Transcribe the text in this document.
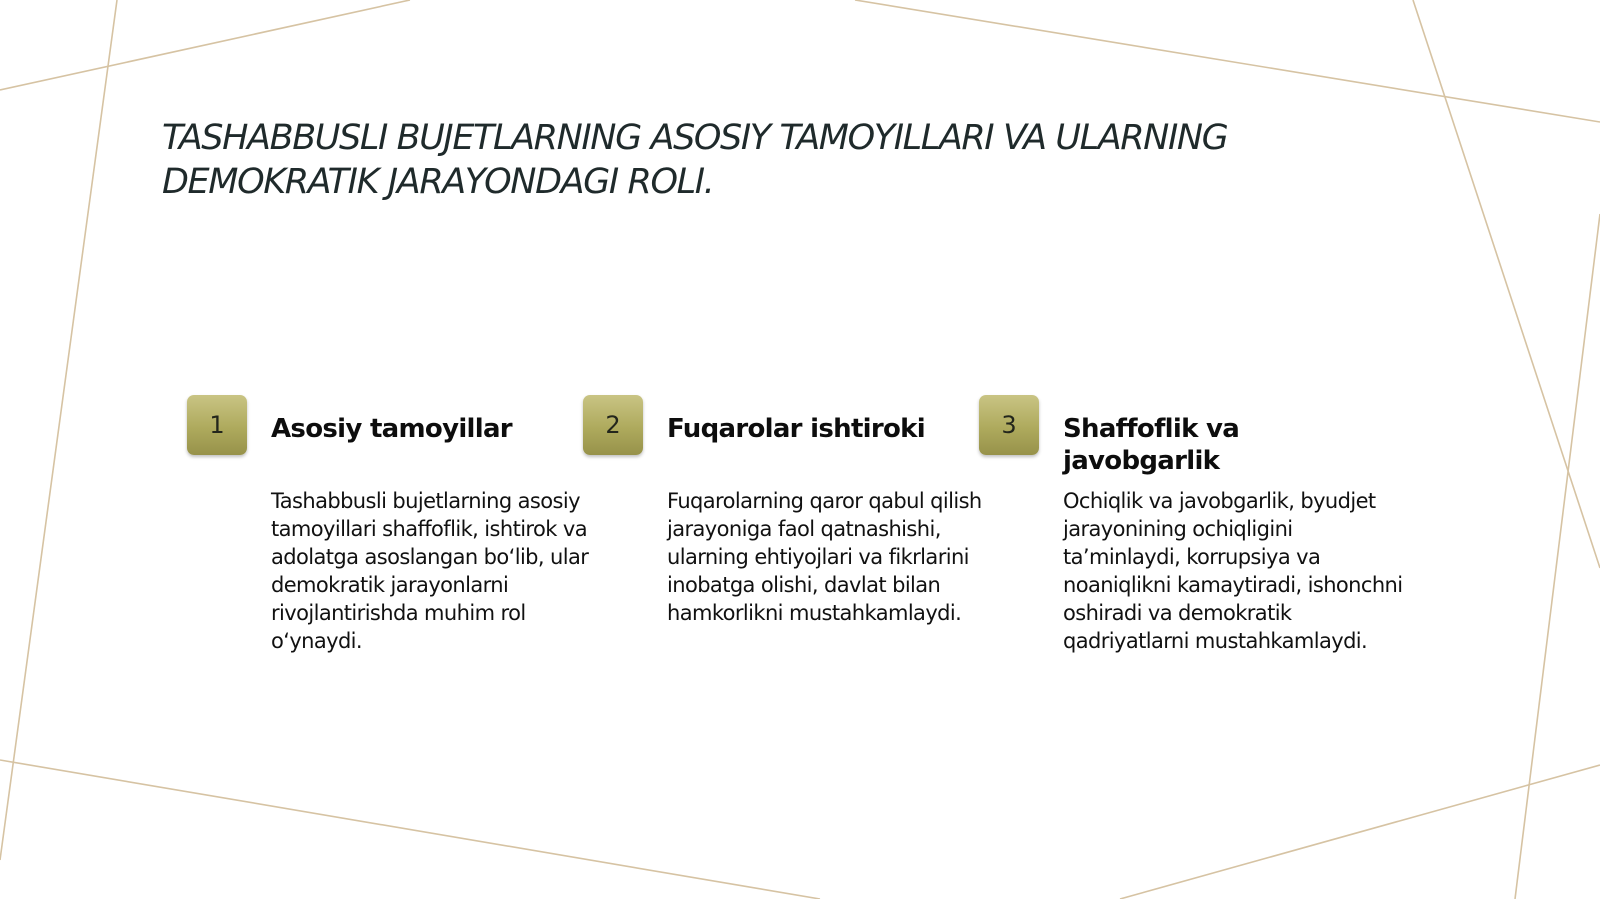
TASHABBUSLI BUJETLARNING ASOSIY TAMOYILLARI VA ULARNING DEMOKRATIK JARAYONDAGI ROLI.
1	Asosiy tamoyillar

Tashabbusli bujetlarning asosiy tamoyillari shaffoflik, ishtirok va adolatga asoslangan bo‘lib, ular demokratik jarayonlarni rivojlantirishda muhim rol o‘ynaydi.

2	Fuqarolar ishtiroki

Fuqarolarning qaror qabul qilish jarayoniga faol qatnashishi, ularning ehtiyojlari va fikrlarini inobatga olishi, davlat bilan hamkorlikni mustahkamlaydi.

3	Shaffoflik va javobgarlik

Ochiqlik va javobgarlik, byudjet jarayonining ochiqligini ta’minlaydi, korrupsiya va noaniqlikni kamaytiradi, ishonchni oshiradi va demokratik qadriyatlarni mustahkamlaydi.
